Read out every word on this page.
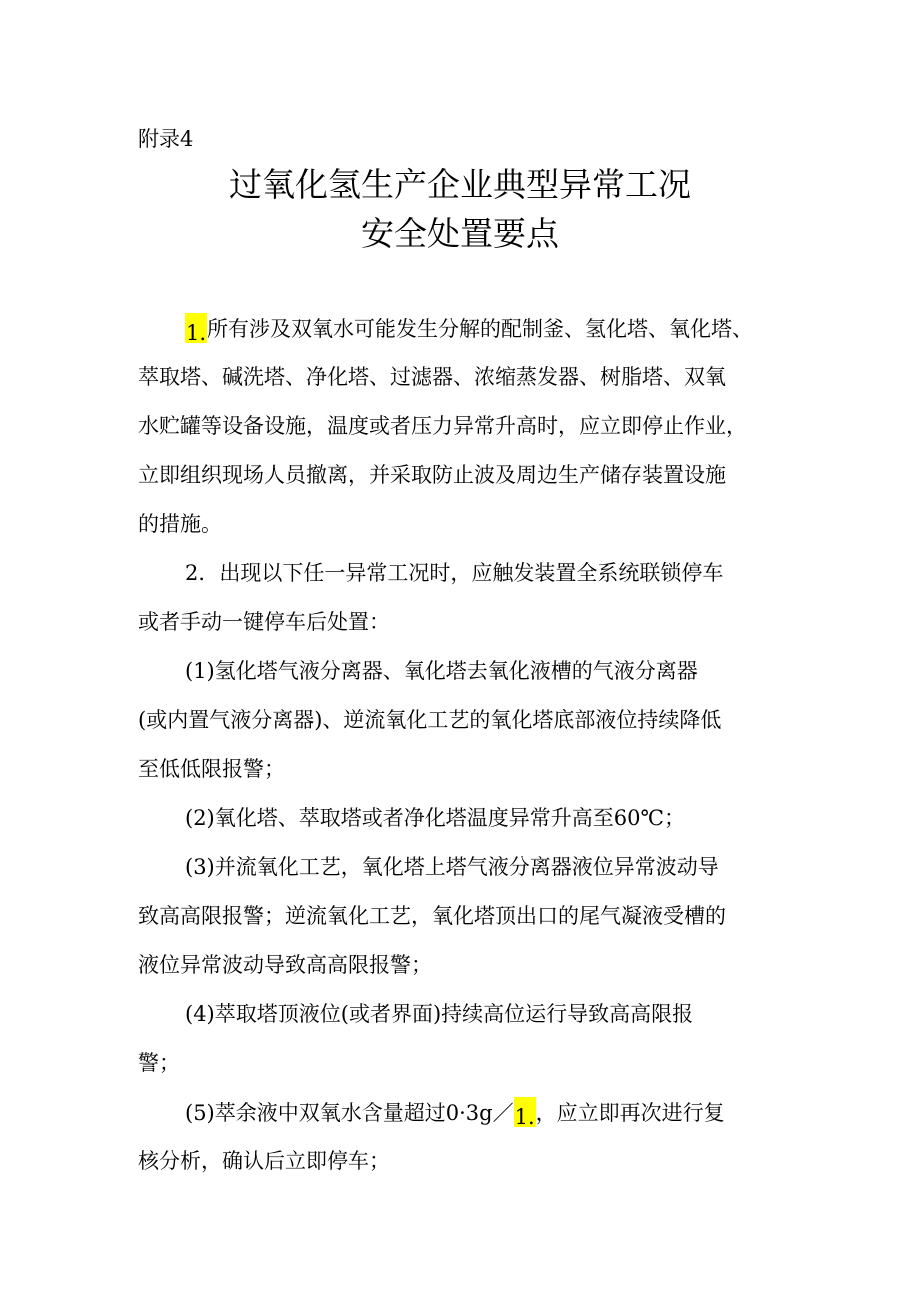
附录4
过氧化氢生产企业典型异常工况
安全处置要点
1.所有涉及双氧水可能发生分解的配制釜、氢化塔、氧化塔、
萃取塔、碱洗塔、净化塔、过滤器、浓缩蒸发器、树脂塔、双氧
水贮罐等设备设施，温度或者压力异常升高时，应立即停止作业，
立即组织现场人员撤离，并采取防止波及周边生产储存装置设施
的措施。
2．出现以下任一异常工况时，应触发装置全系统联锁停车
或者手动一键停车后处置：
(1)氢化塔气液分离器、氧化塔去氧化液槽的气液分离器
(或内置气液分离器)、逆流氧化工艺的氧化塔底部液位持续降低
至低低限报警；
(2)氧化塔、萃取塔或者净化塔温度异常升高至60℃；
(3)并流氧化工艺，氧化塔上塔气液分离器液位异常波动导
致高高限报警；逆流氧化工艺，氧化塔顶出口的尾气凝液受槽的
液位异常波动导致高高限报警；
(4)萃取塔顶液位(或者界面)持续高位运行导致高高限报
警；
(5)萃余液中双氧水含量超过0·3g／1.，应立即再次进行复
核分析，确认后立即停车；
